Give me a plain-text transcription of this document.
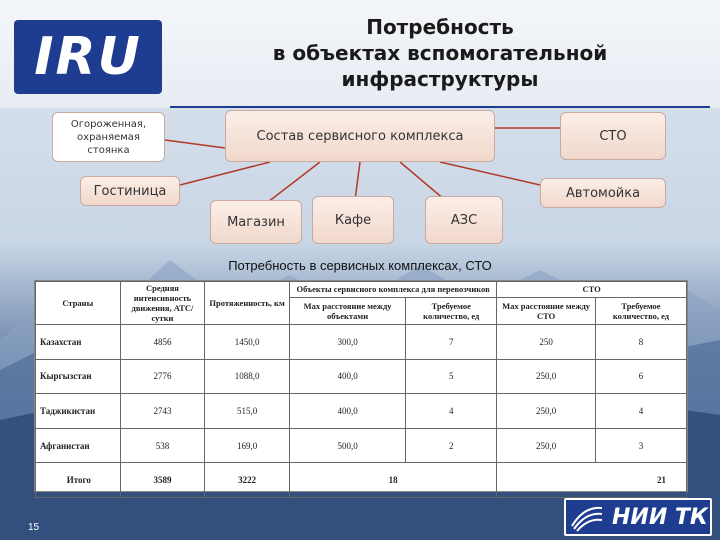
IRU	Потребность
в объектах вспомогательной
инфраструктуры
Состав сервисного комплекса
Огороженная,
охраняемая
стоянка
СТО
Гостиница	Автомойка
Магазин	Кафе	АЗС
Потребность в сервисных комплексах, СТО
Страны	Средняя интенсивность движения, АТС/сутки	Протяженность, км	Объекты сервисного комплекса для перевозчиков		СТО	
			Мах расстояние между объектами	Требуемое количество, ед	Мах расстояние между СТО	Требуемое количество, ед
Казахстан	4856	1450,0	300,0	7	250	8
Кыргызстан	2776	1088,0	400,0	5	250,0	6
Таджикистан	2743	515,0	400,0	4	250,0	4
Афганистан	538	169,0	500,0	2	250,0	3
Итого	3589	3222	18		21	
15	НИИ ТК
